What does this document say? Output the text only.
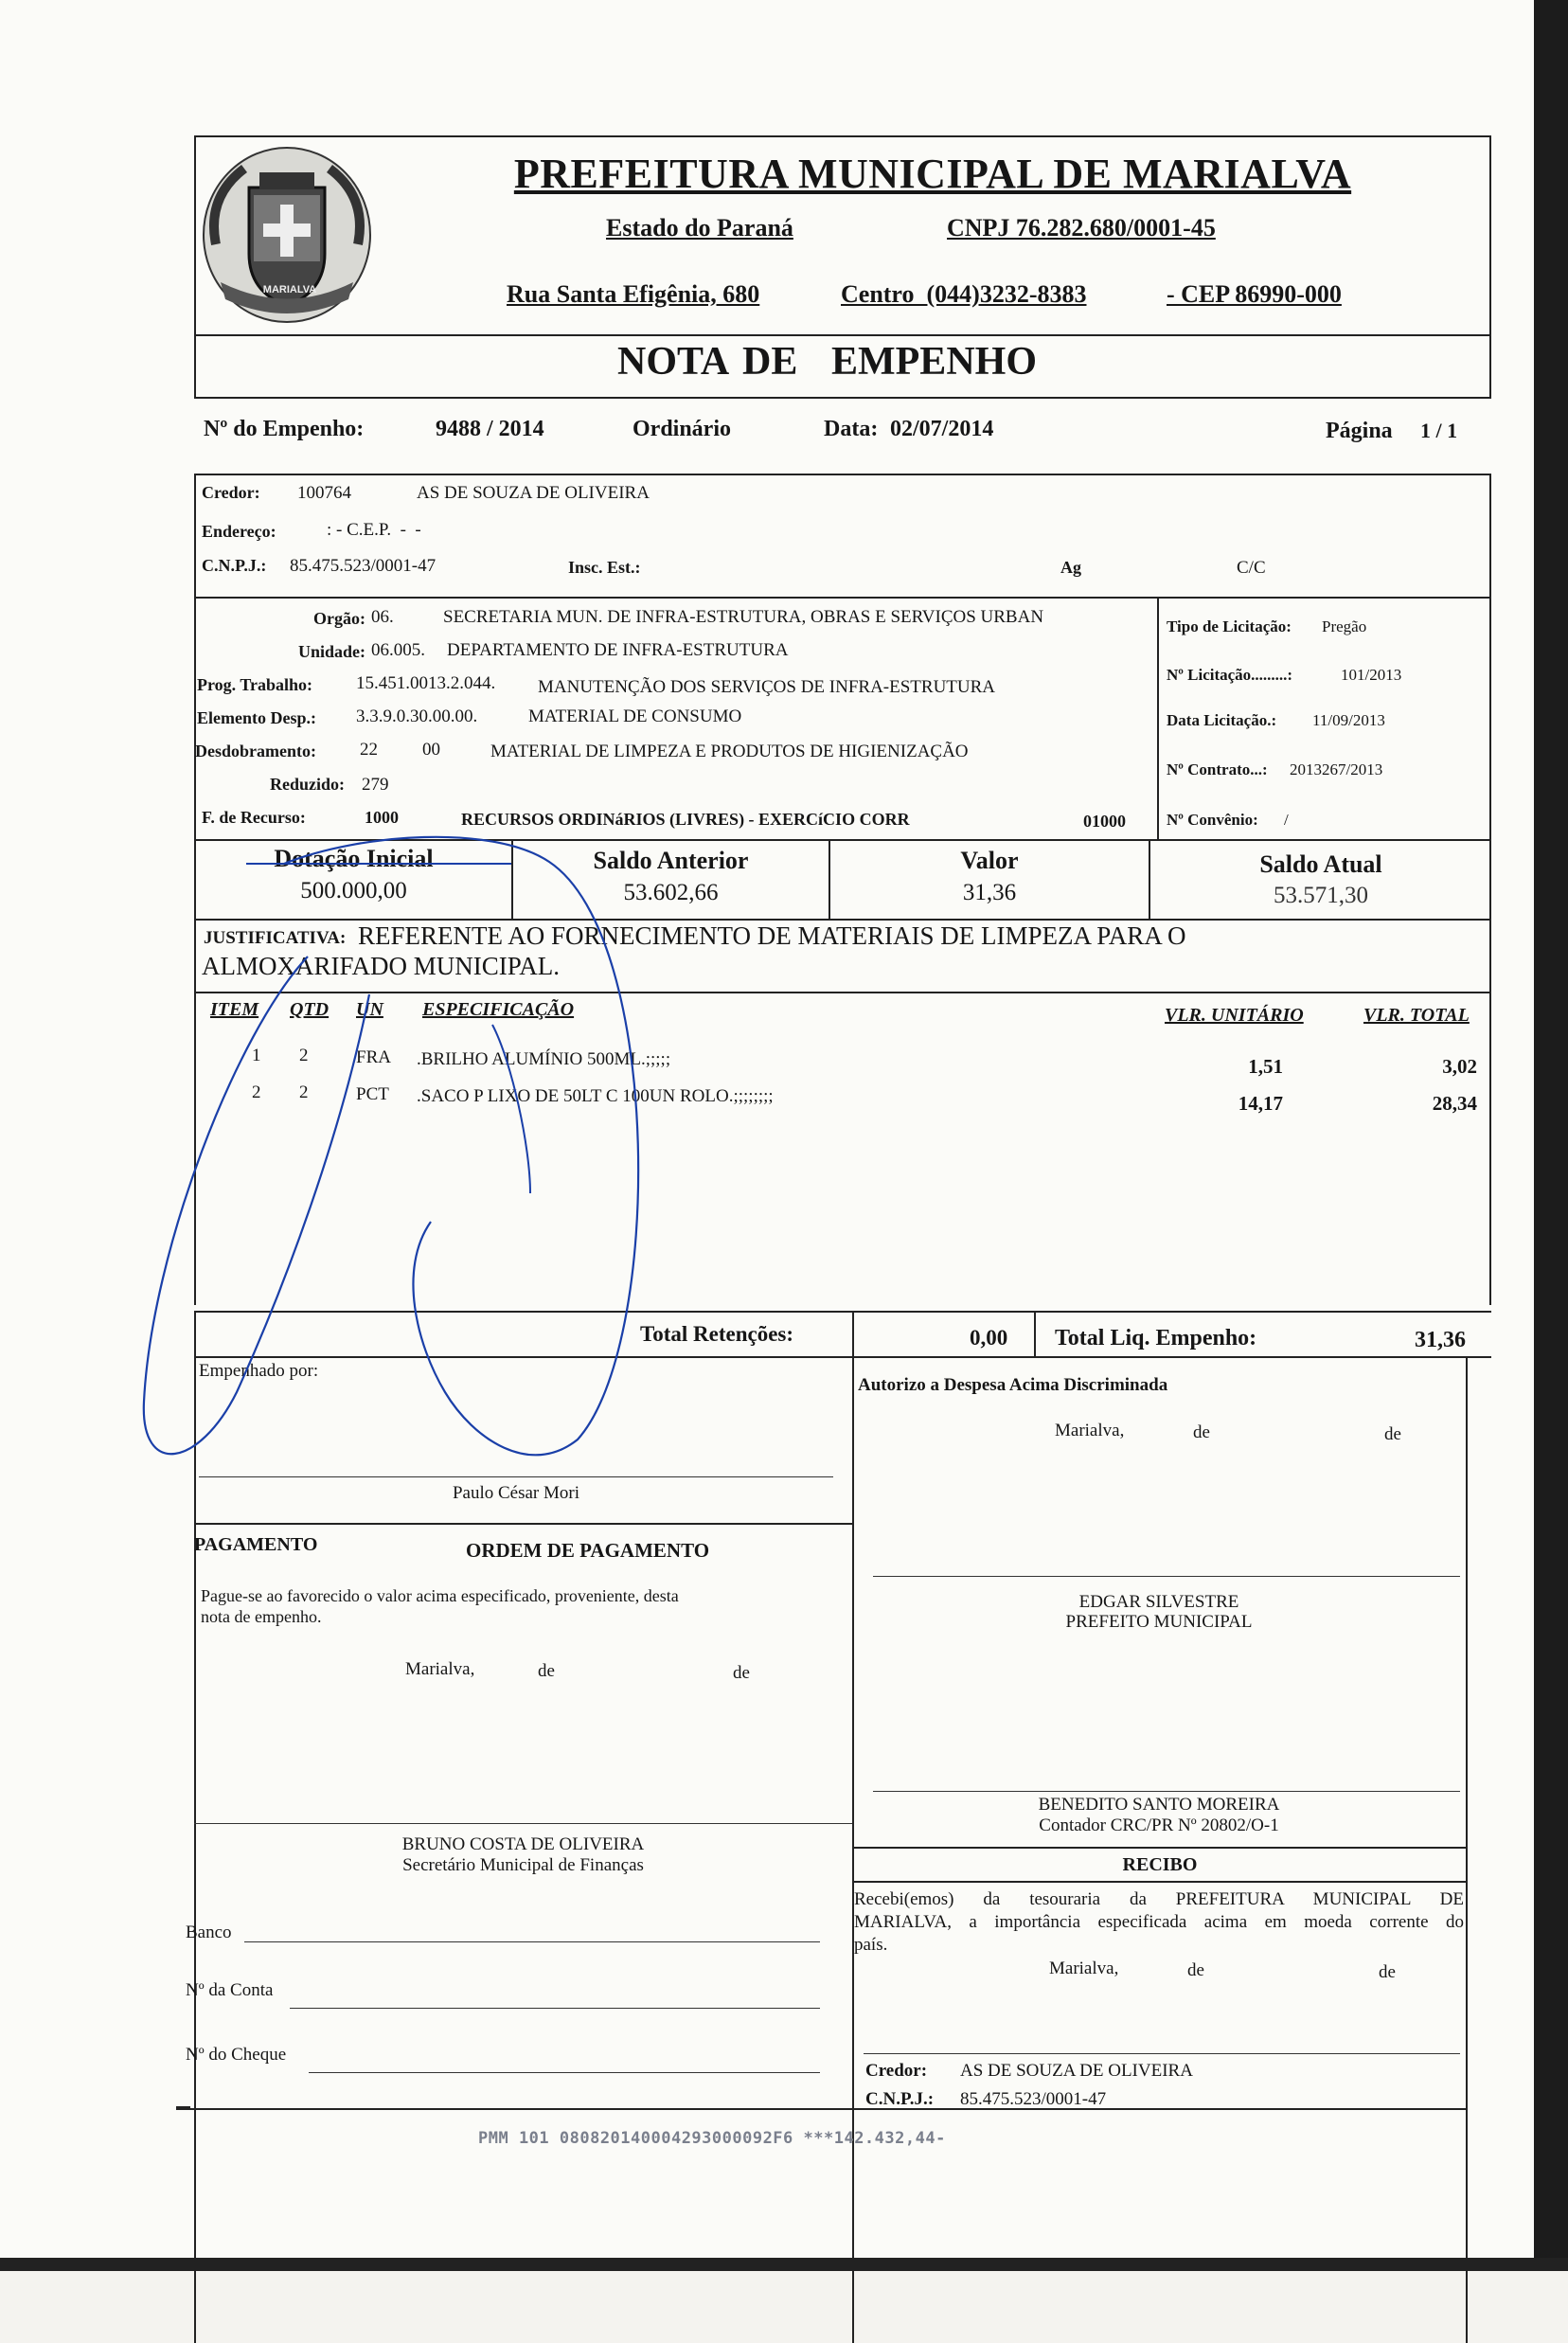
MARIALVA
PREFEITURA MUNICIPAL DE MARIALVA
Estado do Paraná	CNPJ 76.282.680/0001-45
Rua Santa Efigênia, 680	Centro  (044)3232-8383	- CEP 86990-000
NOTA DE EMPENHO
Nº do Empenho:	9488 / 2014	Ordinário	Data: 02/07/2014	Página 1 / 1
Credor: 100764	AS DE SOUZA DE OLIVEIRA
Endereço:	: - C.E.P.  -  -
C.N.P.J.: 85.475.523/0001-47	Insc. Est.:	Ag	C/C
Orgão: 06.	SECRETARIA MUN. DE INFRA-ESTRUTURA, OBRAS E SERVIÇOS URBAN
Unidade: 06.005. DEPARTAMENTO DE INFRA-ESTRUTURA
Prog. Trabalho: 15.451.0013.2.044. MANUTENÇÃO DOS SERVIÇOS DE INFRA-ESTRUTURA
Elemento Desp.: 3.3.9.0.30.00.00.	MATERIAL DE CONSUMO
Desdobramento: 22 00	MATERIAL DE LIMPEZA E PRODUTOS DE HIGIENIZAÇÃO
Reduzido: 279
F. de Recurso:	1000	RECURSOS ORDINáRIOS (LIVRES) - EXERCíCIO CORR	01000
Tipo de Licitação: Pregão
Nº Licitação.........:	101/2013
Data Licitação.: 11/09/2013
Nº Contrato...: 2013267/2013
Nº Convênio: /
Dotação Inicial
500.000,00
Saldo Anterior
53.602,66
Valor
31,36
Saldo Atual
53.571,30
JUSTIFICATIVA: REFERENTE AO FORNECIMENTO DE MATERIAIS DE LIMPEZA PARA O
ALMOXARIFADO MUNICIPAL.
ITEM QTD UN ESPECIFICAÇÃO	VLR. UNITÁRIO	VLR. TOTAL
1 2	FRA .BRILHO ALUMÍNIO 500ML.;;;;;	1,51	3,02
2 2	PCT .SACO P LIXO DE 50LT C 100UN ROLO.;;;;;;;;	14,17	28,34
Total Retenções:	0,00 Total Liq. Empenho:	31,36
Empenhado por:
Paulo César Mori
PAGAMENTO	ORDEM DE PAGAMENTO
Pague-se ao favorecido o valor acima especificado, proveniente, desta
nota de empenho.
Marialva,	de	de
BRUNO COSTA DE OLIVEIRA
Secretário Municipal de Finanças
Banco
Nº da Conta
Nº do Cheque
Autorizo a Despesa Acima Discriminada
Marialva,	de	de
EDGAR SILVESTRE
PREFEITO MUNICIPAL
BENEDITO SANTO MOREIRA
Contador CRC/PR Nº 20802/O-1
RECIBO
Recebi(emos) da tesouraria da PREFEITURA MUNICIPAL DE
MARIALVA, a importância especificada acima em moeda corrente do
país.
Marialva,	de	de
Credor: AS DE SOUZA DE OLIVEIRA
C.N.P.J.: 85.475.523/0001-47
PMM 101 080820140004293000092F6 ***142.432,44-
